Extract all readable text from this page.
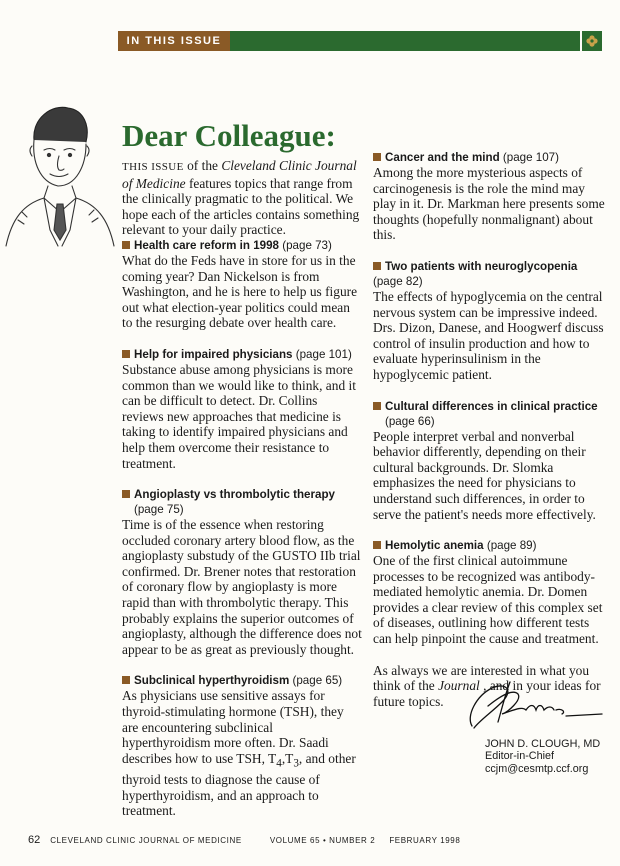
IN THIS ISSUE
Dear Colleague:

THIS ISSUE of the Cleveland Clinic Journal of Medicine features topics that range from the clinically pragmatic to the political. We hope each of the articles contains something relevant to your daily practice.

Health care reform in 1998 (page 73)

What do the Feds have in store for us in the coming year? Dan Nickelson is from Washington, and he is here to help us figure out what election-year politics could mean to the resurging debate over health care.

Help for impaired physicians (page 101)

Substance abuse among physicians is more common than we would like to think, and it can be difficult to detect. Dr. Collins reviews new approaches that medicine is taking to identify impaired physicians and help them overcome their resistance to treatment.

Angioplasty vs thrombolytic therapy
(page 75)

Time is of the essence when restoring occluded coronary artery blood flow, as the angioplasty substudy of the GUSTO IIb trial confirmed. Dr. Brener notes that restoration of coronary flow by angioplasty is more rapid than with thrombolytic therapy. This probably explains the superior outcomes of angioplasty, although the difference does not appear to be as great as previously thought.

Subclinical hyperthyroidism (page 65)

As physicians use sensitive assays for thyroid-stimulating hormone (TSH), they are encountering subclinical hyperthyroidism more often. Dr. Saadi describes how to use TSH, $T_4,T_3$, and other thyroid tests to diagnose the cause of hyperthyroidism, and an approach to treatment.

Cancer and the mind (page 107)

Among the more mysterious aspects of carcinogenesis is the role the mind may play in it. Dr. Markman here presents some thoughts (hopefully nonmalignant) about this.

Two patients with neuroglycopenia (page 82)

The effects of hypoglycemia on the central nervous system can be impressive indeed. Drs. Dizon, Danese, and Hoogwerf discuss control of insulin production and how to evaluate hyperinsulinism in the hypoglycemic patient.

Cultural differences in clinical practice
(page 66)

People interpret verbal and nonverbal behavior differently, depending on their cultural backgrounds. Dr. Slomka emphasizes the need for physicians to understand such differences, in order to serve the patient's needs more effectively.

Hemolytic anemia (page 89)

One of the first clinical autoimmune processes to be recognized was antibody-mediated hemolytic anemia. Dr. Domen provides a clear review of this complex set of diseases, outlining how different tests can help pinpoint the cause and treatment.

As always we are interested in what you think of the Journal , and in your ideas for future topics.

JOHN D. CLOUGH, MD
Editor-in-Chief
ccjm@cesmtp.ccf.org
62 CLEVELAND CLINIC JOURNAL OF MEDICINE	VOLUME 65 • NUMBER 2 FEBRUARY 1998
